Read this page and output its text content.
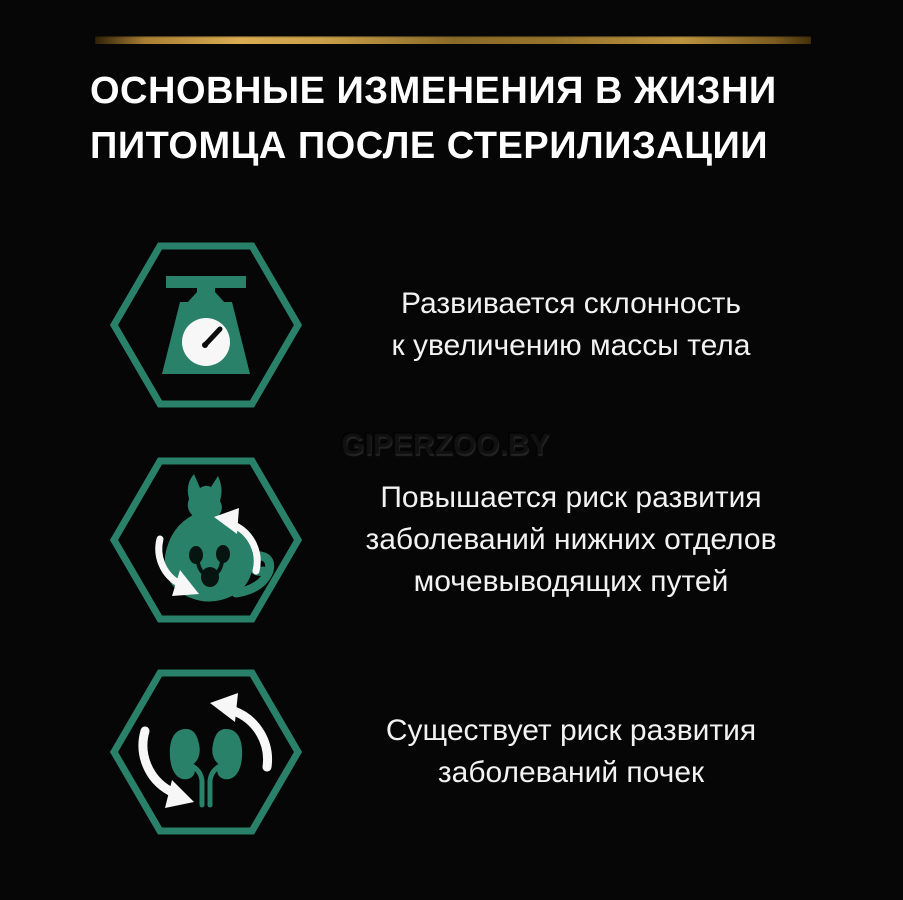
ОСНОВНЫЕ ИЗМЕНЕНИЯ В ЖИЗНИ
ПИТОМЦА ПОСЛЕ СТЕРИЛИЗАЦИИ
GIPERZOO.BY
Развивается склонность
к увеличению массы тела
Повышается риск развития
заболеваний нижних отделов
мочевыводящих путей
Существует риск развития
заболеваний почек
